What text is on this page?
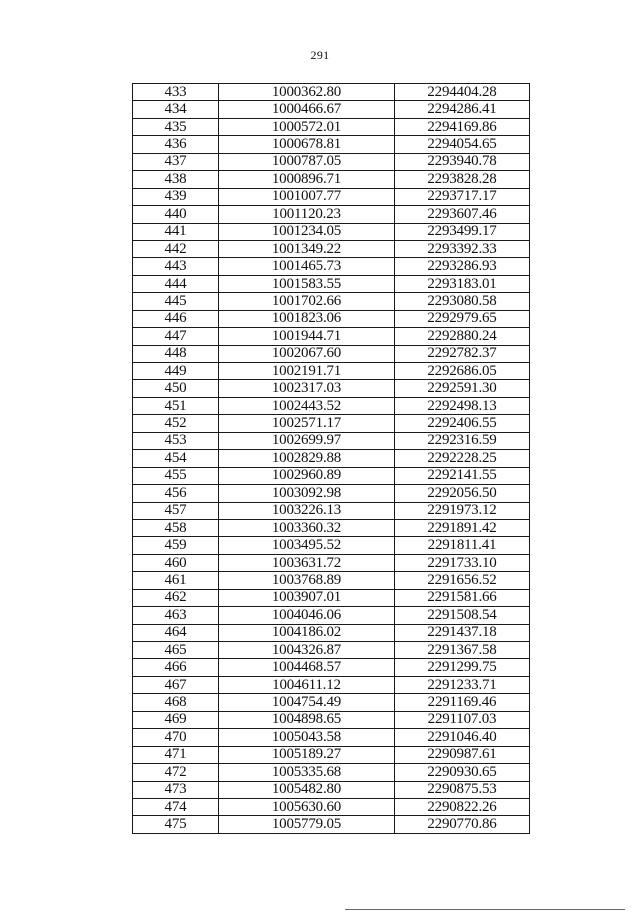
291
433	1000362.80	2294404.28
434	1000466.67	2294286.41
435	1000572.01	2294169.86
436	1000678.81	2294054.65
437	1000787.05	2293940.78
438	1000896.71	2293828.28
439	1001007.77	2293717.17
440	1001120.23	2293607.46
441	1001234.05	2293499.17
442	1001349.22	2293392.33
443	1001465.73	2293286.93
444	1001583.55	2293183.01
445	1001702.66	2293080.58
446	1001823.06	2292979.65
447	1001944.71	2292880.24
448	1002067.60	2292782.37
449	1002191.71	2292686.05
450	1002317.03	2292591.30
451	1002443.52	2292498.13
452	1002571.17	2292406.55
453	1002699.97	2292316.59
454	1002829.88	2292228.25
455	1002960.89	2292141.55
456	1003092.98	2292056.50
457	1003226.13	2291973.12
458	1003360.32	2291891.42
459	1003495.52	2291811.41
460	1003631.72	2291733.10
461	1003768.89	2291656.52
462	1003907.01	2291581.66
463	1004046.06	2291508.54
464	1004186.02	2291437.18
465	1004326.87	2291367.58
466	1004468.57	2291299.75
467	1004611.12	2291233.71
468	1004754.49	2291169.46
469	1004898.65	2291107.03
470	1005043.58	2291046.40
471	1005189.27	2290987.61
472	1005335.68	2290930.65
473	1005482.80	2290875.53
474	1005630.60	2290822.26
475	1005779.05	2290770.86
